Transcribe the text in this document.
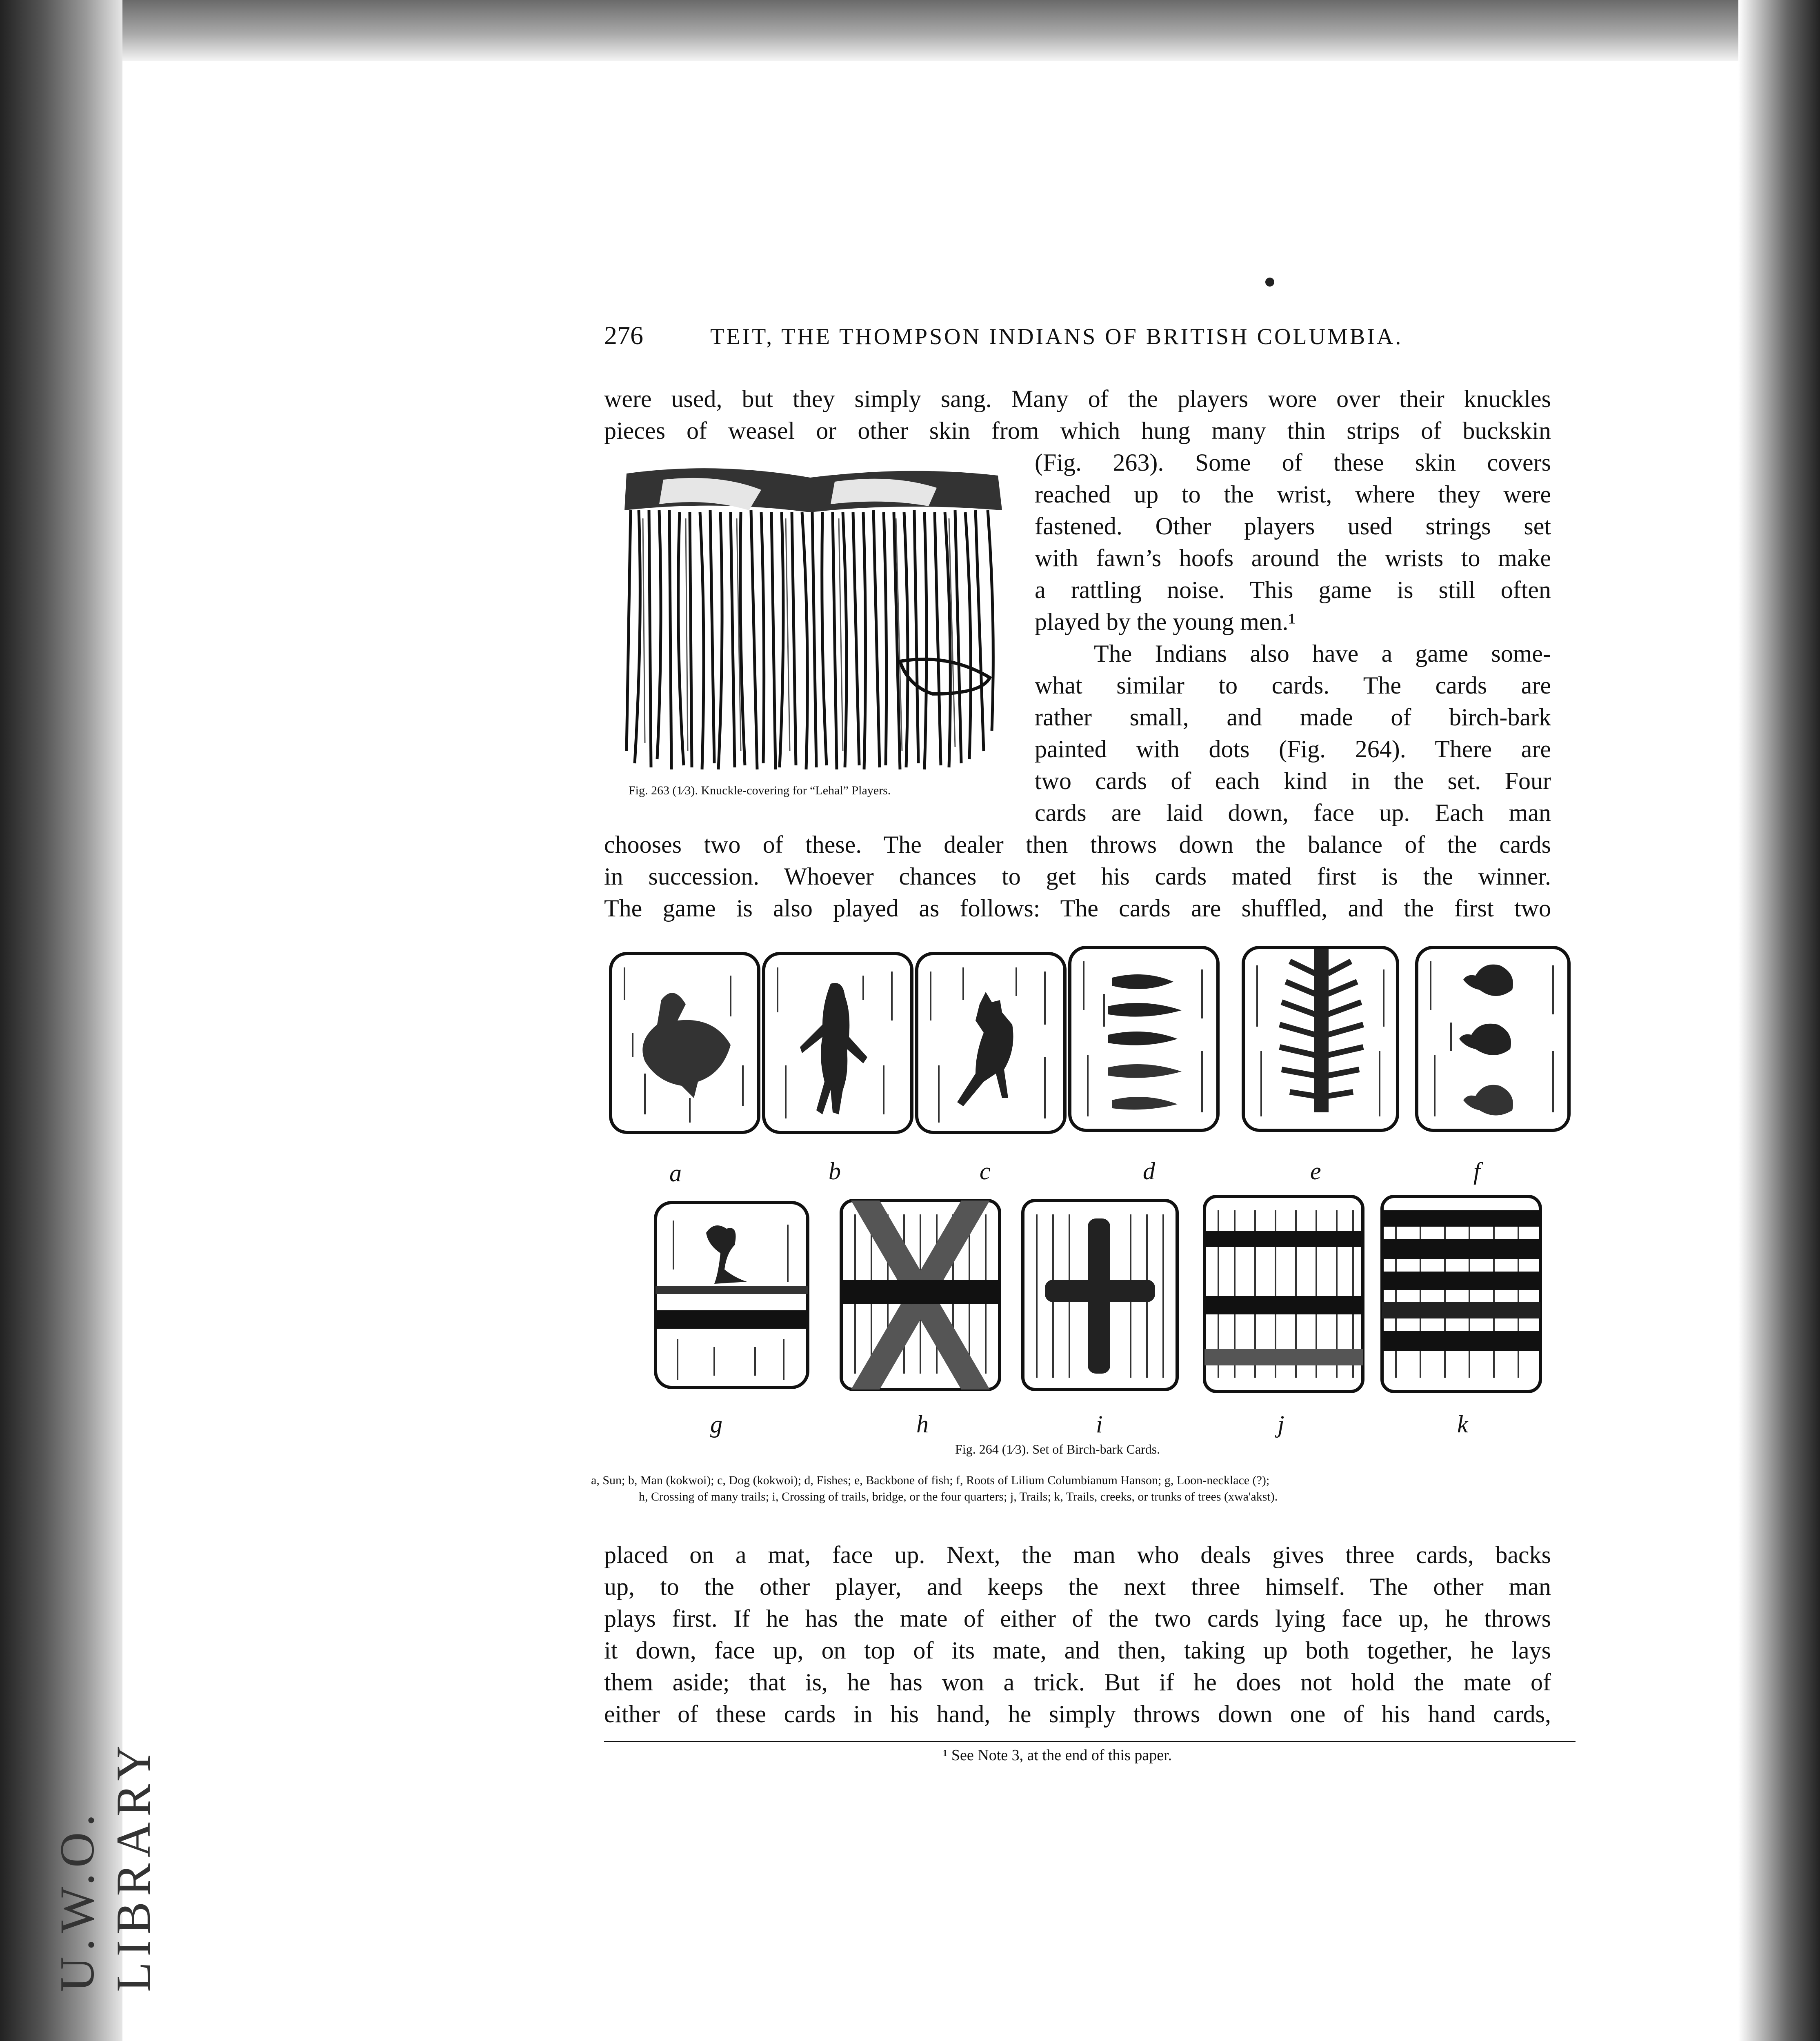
U.W.O. LIBRARY
276	TEIT, THE THOMPSON INDIANS OF BRITISH COLUMBIA.
were used, but they simply sang. Many of the players wore over their knuckles
pieces of weasel or other skin from which hung many thin strips of buckskin
(Fig. 263). Some of these skin covers
reached up to the wrist, where they were
fastened. Other players used strings set
with fawn’s hoofs around the wrists to make
a rattling noise. This game is still often
played by the young men.¹
The Indians also have a game some-
what similar to cards. The cards are
rather small, and made of birch-bark
painted with dots (Fig. 264). There are
two cards of each kind in the set. Four
cards are laid down, face up. Each man
Fig. 263 (1⁄3). Knuckle-covering for “Lehal” Players.
chooses two of these. The dealer then throws down the balance of the cards
in succession. Whoever chances to get his cards mated first is the winner.
The game is also played as follows: The cards are shuffled, and the first two
a	b	c	d	e	f
g	h	i	j	k
Fig. 264 (1⁄3). Set of Birch-bark Cards.
a, Sun; b, Man (kokwoi); c, Dog (kokwoi); d, Fishes; e, Backbone of fish; f, Roots of Lilium Columbianum Hanson; g, Loon-necklace (?);
h, Crossing of many trails; i, Crossing of trails, bridge, or the four quarters; j, Trails; k, Trails, creeks, or trunks of trees (xwa'akst).
placed on a mat, face up. Next, the man who deals gives three cards, backs
up, to the other player, and keeps the next three himself. The other man
plays first. If he has the mate of either of the two cards lying face up, he throws
it down, face up, on top of its mate, and then, taking up both together, he lays
them aside; that is, he has won a trick. But if he does not hold the mate of
either of these cards in his hand, he simply throws down one of his hand cards,
¹ See Note 3, at the end of this paper.
